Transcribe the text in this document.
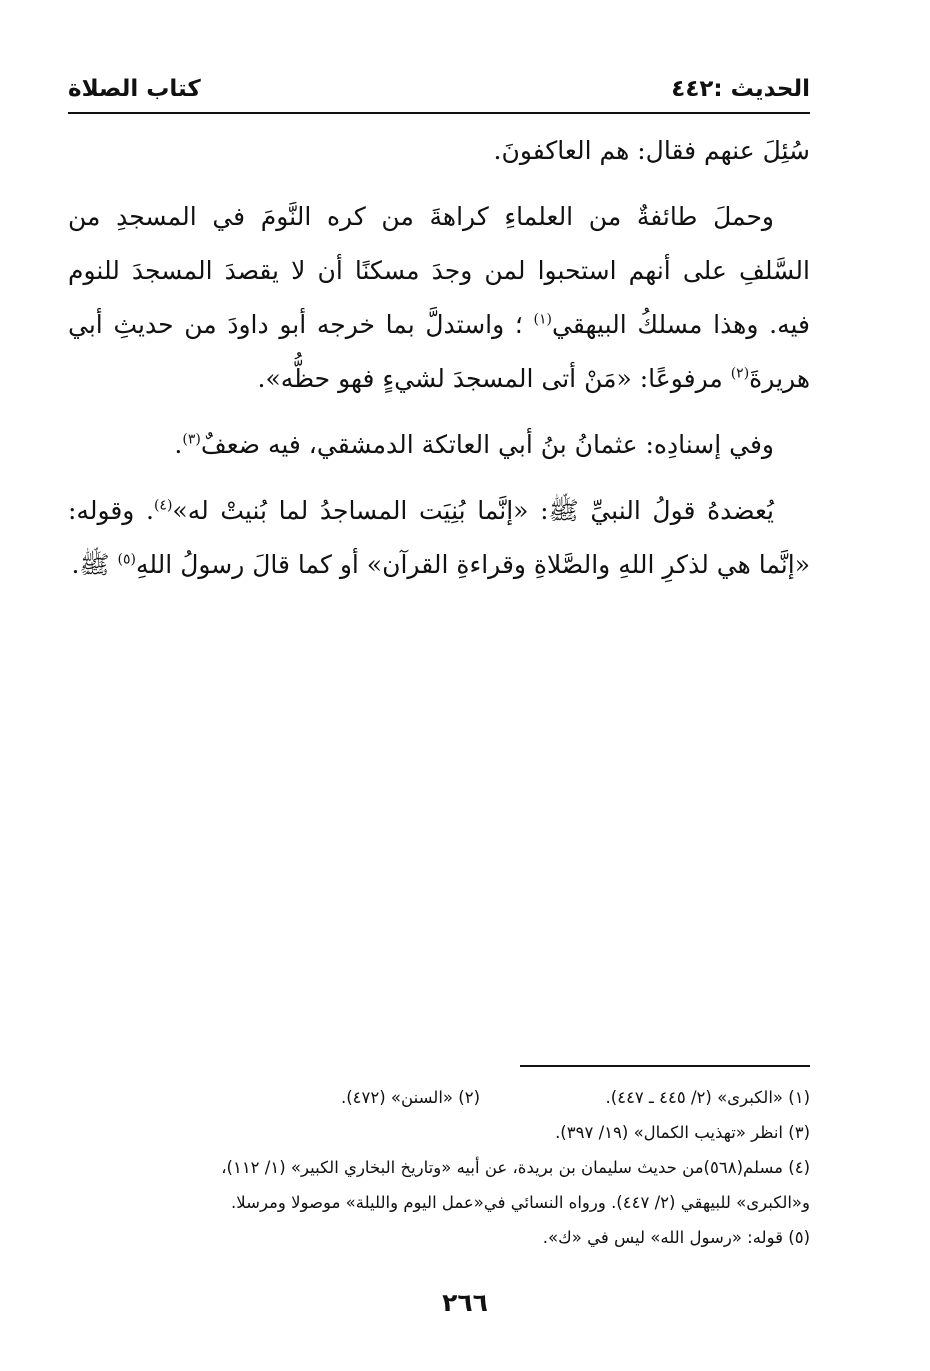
الحديث :٤٤٢
كتاب الصلاة

سُئِلَ عنهم فقال: هم العاكفونَ.

وحملَ طائفةٌ من العلماءِ كراهةَ من كره النَّومَ في المسجدِ من السَّلفِ على أنهم استحبوا لمن وجدَ مسكنًا أن لا يقصدَ المسجدَ للنوم فيه. وهذا مسلكُ البيهقي$^{(١)}$ ؛ واستدلَّ بما خرجه أبو داودَ من حديثِ أبي هريرةَ$^{(٢)}$ مرفوعًا: «مَنْ أتى المسجدَ لشيءٍ فهو حظُّه».

وفي إسنادِه: عثمانُ بنُ أبي العاتكة الدمشقي، فيه ضعفٌ$^{(٣)}$.

يُعضدهُ قولُ النبيِّ ﷺ: «إنَّما بُنِيَت المساجدُ لما بُنيتْ له»$^{(٤)}$. وقوله: «إنَّما هي لذكرِ اللهِ والصَّلاةِ وقراءةِ القرآن» أو كما قالَ رسولُ اللهِ$^{(٥)}$ ﷺ.

(١) «الكبرى» (٢/ ٤٤٥ ـ ٤٤٧).
(٢) «السنن» (٤٧٢).

(٣) انظر «تهذيب الكمال» (١٩/ ٣٩٧).

(٤) مسلم(٥٦٨)من حديث سليمان بن بريدة، عن أبيه «وتاريخ البخاري الكبير» (١/ ١١٢)،

و«الكبرى» للبيهقي (٢/ ٤٤٧). ورواه النسائي في«عمل اليوم والليلة» موصولا ومرسلا.

(٥) قوله: «رسول الله» ليس في «ك».

٢٦٦
